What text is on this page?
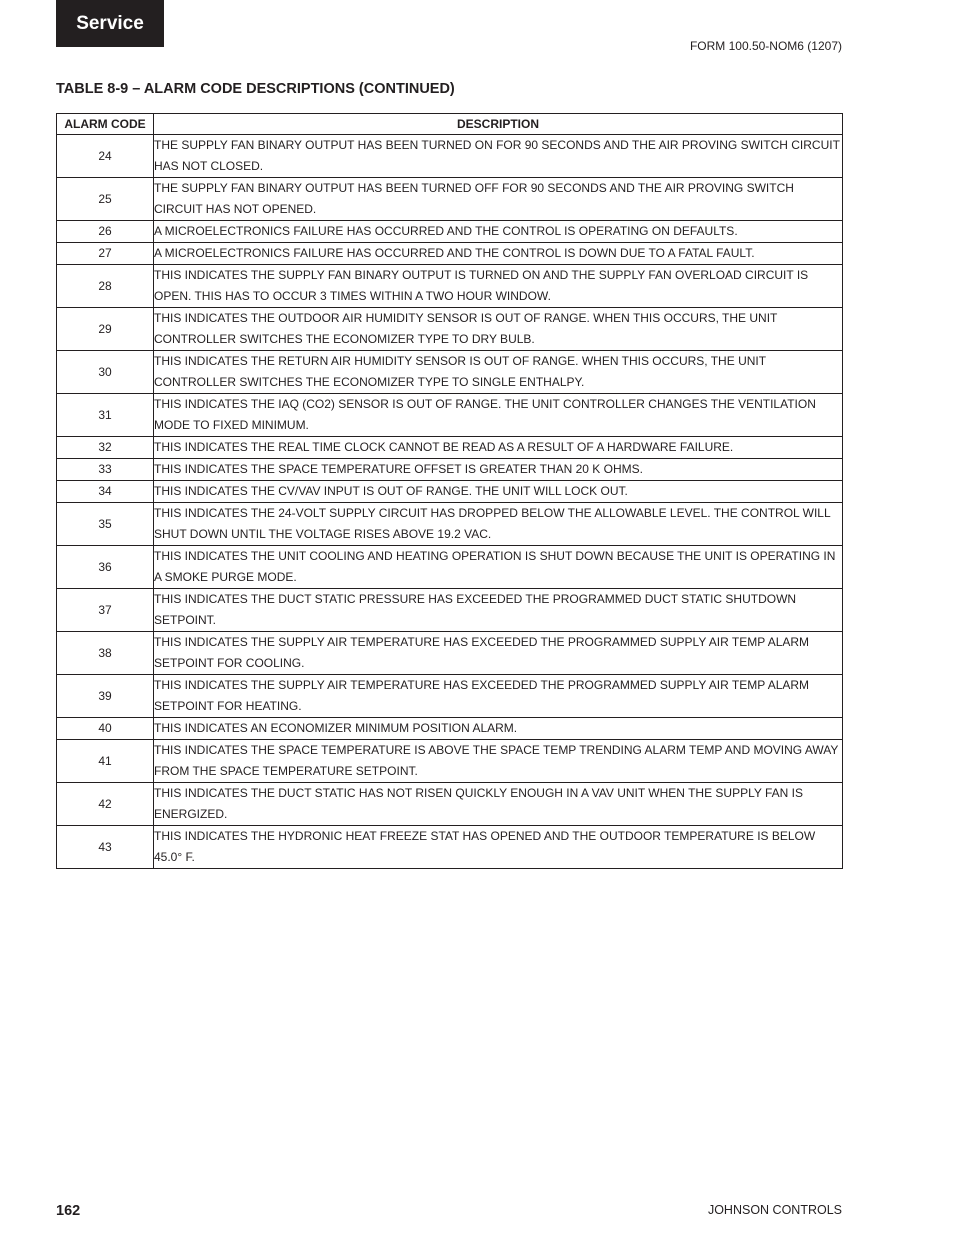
Service
FORM 100.50-NOM6 (1207)
TABLE 8-9 – ALARM CODE DESCRIPTIONS (CONTINUED)
ALARM CODE	DESCRIPTION
24	THE SUPPLY FAN BINARY OUTPUT HAS BEEN TURNED ON FOR 90 SECONDS AND THE AIR PROVING SWITCH CIRCUIT HAS NOT CLOSED.
25	THE SUPPLY FAN BINARY OUTPUT HAS BEEN TURNED OFF FOR 90 SECONDS AND THE AIR PROVING SWITCH CIRCUIT HAS NOT OPENED.
26	A MICROELECTRONICS FAILURE HAS OCCURRED AND THE CONTROL IS OPERATING ON DEFAULTS.
27	A MICROELECTRONICS FAILURE HAS OCCURRED AND THE CONTROL IS DOWN DUE TO A FATAL FAULT.
28	THIS INDICATES THE SUPPLY FAN BINARY OUTPUT IS TURNED ON AND THE SUPPLY FAN OVERLOAD CIRCUIT IS OPEN. THIS HAS TO OCCUR 3 TIMES WITHIN A TWO HOUR WINDOW.
29	THIS INDICATES THE OUTDOOR AIR HUMIDITY SENSOR IS OUT OF RANGE. WHEN THIS OCCURS, THE UNIT CONTROLLER SWITCHES THE ECONOMIZER TYPE TO DRY BULB.
30	THIS INDICATES THE RETURN AIR HUMIDITY SENSOR IS OUT OF RANGE. WHEN THIS OCCURS, THE UNIT CONTROLLER SWITCHES THE ECONOMIZER TYPE TO SINGLE ENTHALPY.
31	THIS INDICATES THE IAQ (CO2) SENSOR IS OUT OF RANGE. THE UNIT CONTROLLER CHANGES THE VENTILATION MODE TO FIXED MINIMUM.
32	THIS INDICATES THE REAL TIME CLOCK CANNOT BE READ AS A RESULT OF A HARDWARE FAILURE.
33	THIS INDICATES THE SPACE TEMPERATURE OFFSET IS GREATER THAN 20 K OHMS.
34	THIS INDICATES THE CV/VAV INPUT IS OUT OF RANGE. THE UNIT WILL LOCK OUT.
35	THIS INDICATES THE 24-VOLT SUPPLY CIRCUIT HAS DROPPED BELOW THE ALLOWABLE LEVEL. THE CONTROL WILL SHUT DOWN UNTIL THE VOLTAGE RISES ABOVE 19.2 VAC.
36	THIS INDICATES THE UNIT COOLING AND HEATING OPERATION IS SHUT DOWN BECAUSE THE UNIT IS OPERATING IN A SMOKE PURGE MODE.
37	THIS INDICATES THE DUCT STATIC PRESSURE HAS EXCEEDED THE PROGRAMMED DUCT STATIC SHUTDOWN SETPOINT.
38	THIS INDICATES THE SUPPLY AIR TEMPERATURE HAS EXCEEDED THE PROGRAMMED SUPPLY AIR TEMP ALARM SETPOINT FOR COOLING.
39	THIS INDICATES THE SUPPLY AIR TEMPERATURE HAS EXCEEDED THE PROGRAMMED SUPPLY AIR TEMP ALARM SETPOINT FOR HEATING.
40	THIS INDICATES AN ECONOMIZER MINIMUM POSITION ALARM.
41	THIS INDICATES THE SPACE TEMPERATURE IS ABOVE THE SPACE TEMP TRENDING ALARM TEMP AND MOVING AWAY FROM THE SPACE TEMPERATURE SETPOINT.
42	THIS INDICATES THE DUCT STATIC HAS NOT RISEN QUICKLY ENOUGH IN A VAV UNIT WHEN THE SUPPLY FAN IS ENERGIZED.
43	THIS INDICATES THE HYDRONIC HEAT FREEZE STAT HAS OPENED AND THE OUTDOOR TEMPERATURE IS BELOW 45.0° F.
162	JOHNSON CONTROLS
